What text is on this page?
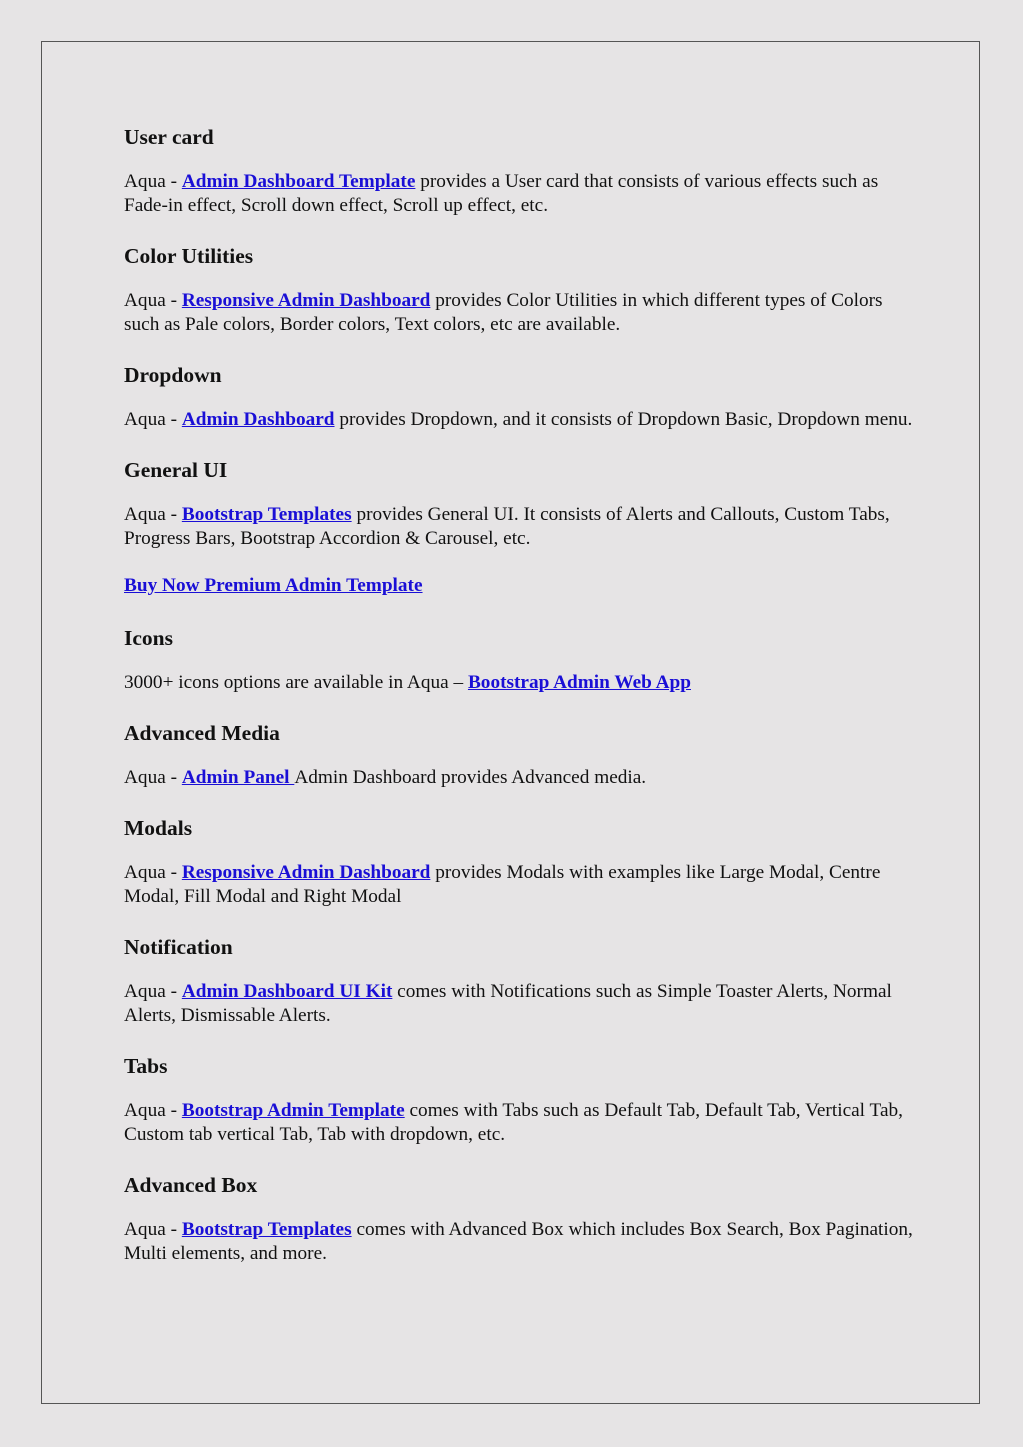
User card

Aqua - Admin Dashboard Template provides a User card that consists of various effects such as Fade-in effect, Scroll down effect, Scroll up effect, etc.

Color Utilities

Aqua - Responsive Admin Dashboard provides Color Utilities in which different types of Colors such as Pale colors, Border colors, Text colors, etc are available.

Dropdown

Aqua - Admin Dashboard provides Dropdown, and it consists of Dropdown Basic, Dropdown menu.

General UI

Aqua - Bootstrap Templates provides General UI. It consists of Alerts and Callouts, Custom Tabs, Progress Bars, Bootstrap Accordion & Carousel, etc.

Buy Now Premium Admin Template

Icons

3000+ icons options are available in Aqua – Bootstrap Admin Web App

Advanced Media

Aqua - Admin Panel Admin Dashboard provides Advanced media.

Modals

Aqua - Responsive Admin Dashboard provides Modals with examples like Large Modal, Centre Modal, Fill Modal and Right Modal

Notification

Aqua - Admin Dashboard UI Kit comes with Notifications such as Simple Toaster Alerts, Normal Alerts, Dismissable Alerts.

Tabs

Aqua - Bootstrap Admin Template comes with Tabs such as Default Tab, Default Tab, Vertical Tab, Custom tab vertical Tab, Tab with dropdown, etc.

Advanced Box

Aqua - Bootstrap Templates comes with Advanced Box which includes Box Search, Box Pagination, Multi elements, and more.
